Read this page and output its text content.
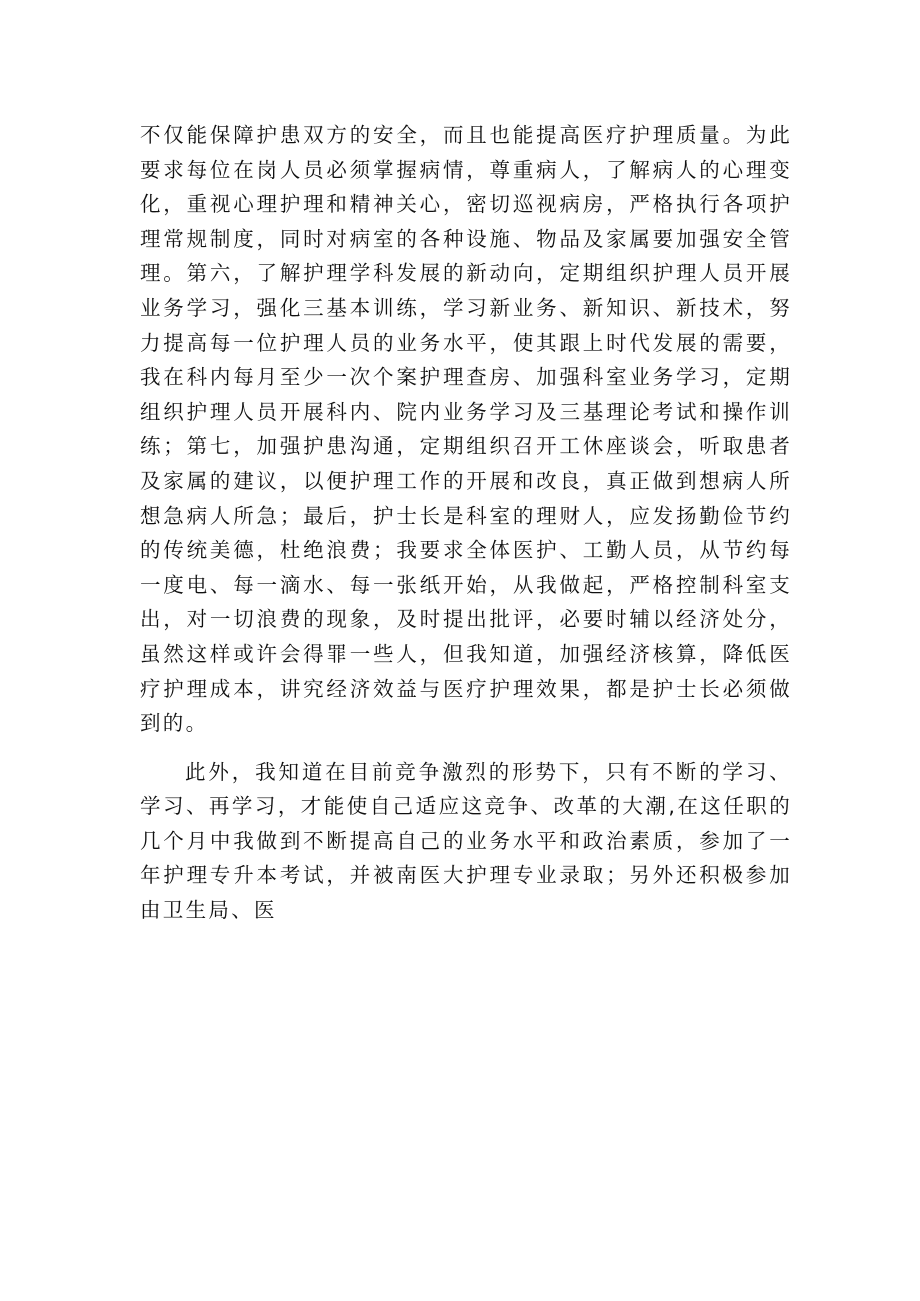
不仅能保障护患双方的安全，而且也能提高医疗护理质量。为此要求每位在岗人员必须掌握病情，尊重病人，了解病人的心理变化，重视心理护理和精神关心，密切巡视病房，严格执行各项护理常规制度，同时对病室的各种设施、物品及家属要加强安全管理。第六，了解护理学科发展的新动向，定期组织护理人员开展业务学习，强化三基本训练，学习新业务、新知识、新技术，努力提高每一位护理人员的业务水平，使其跟上时代发展的需要，我在科内每月至少一次个案护理查房、加强科室业务学习，定期组织护理人员开展科内、院内业务学习及三基理论考试和操作训练；第七，加强护患沟通，定期组织召开工休座谈会，听取患者及家属的建议，以便护理工作的开展和改良，真正做到想病人所想急病人所急；最后，护士长是科室的理财人，应发扬勤俭节约的传统美德，杜绝浪费；我要求全体医护、工勤人员，从节约每一度电、每一滴水、每一张纸开始，从我做起，严格控制科室支出，对一切浪费的现象，及时提出批评，必要时辅以经济处分，虽然这样或许会得罪一些人，但我知道，加强经济核算，降低医疗护理成本，讲究经济效益与医疗护理效果，都是护士长必须做到的。

此外，我知道在目前竞争激烈的形势下，只有不断的学习、学习、再学习，才能使自己适应这竞争、改革的大潮,在这任职的几个月中我做到不断提高自己的业务水平和政治素质，参加了一年护理专升本考试，并被南医大护理专业录取；另外还积极参加由卫生局、医
